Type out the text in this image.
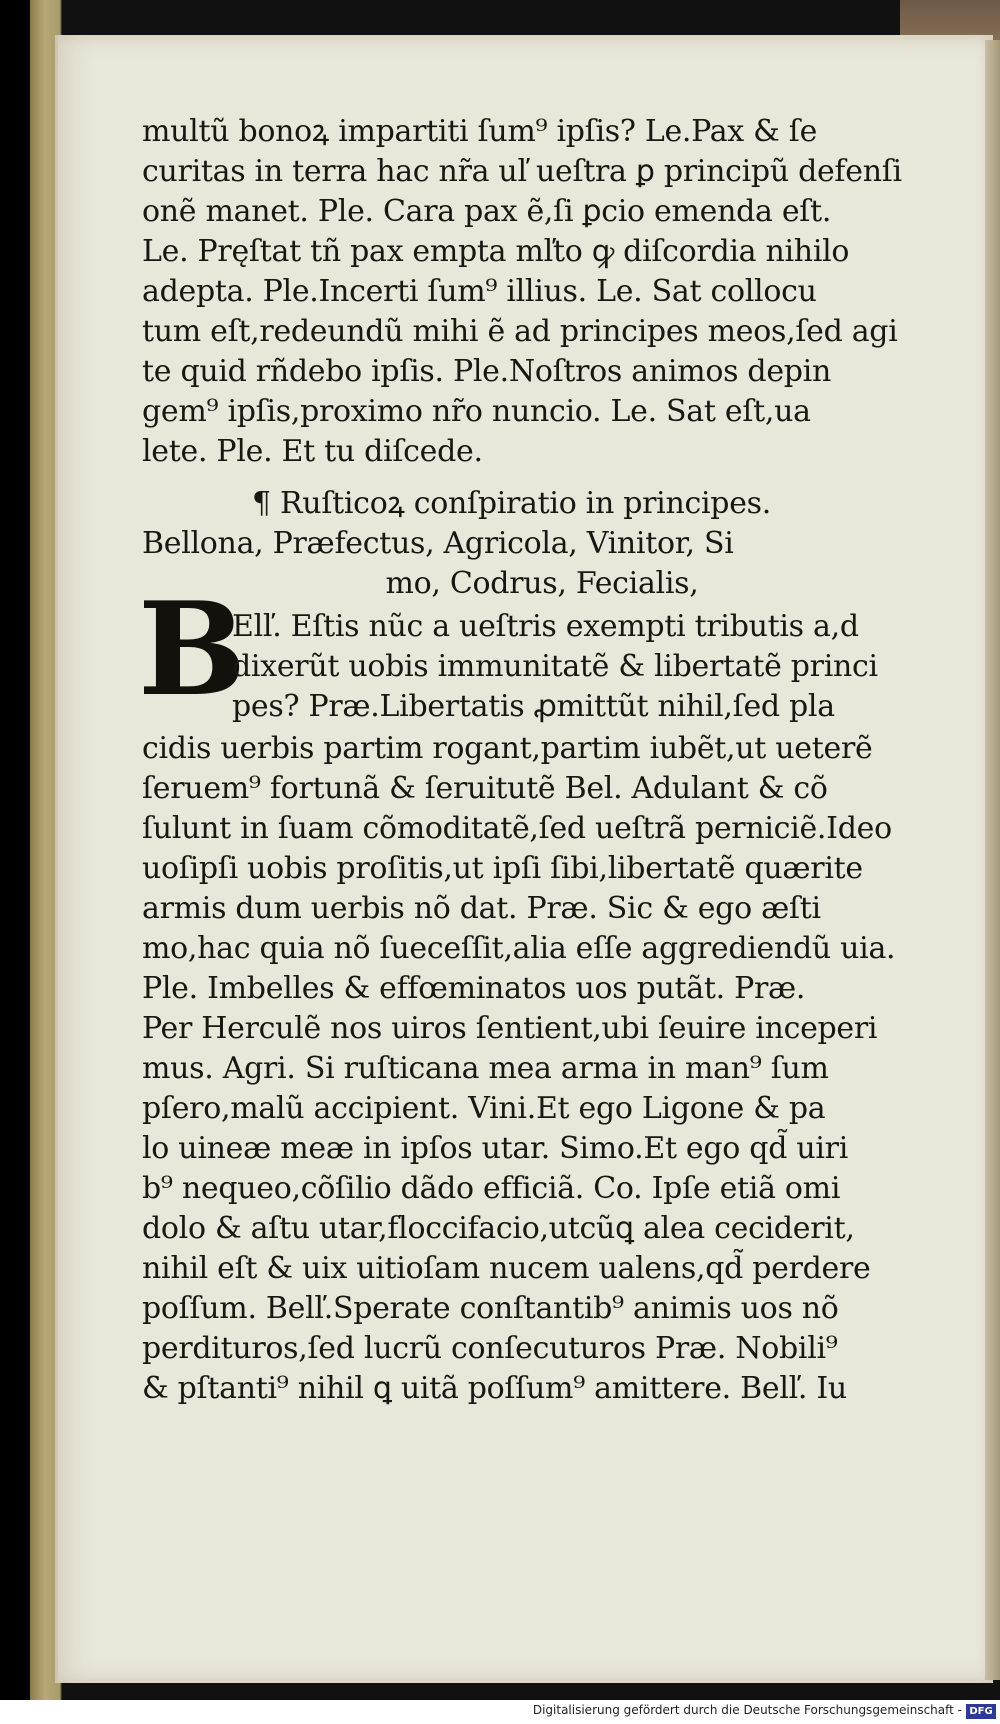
B
multũ bonoꝝ impartiti ſum⁹ ipſis? Le.Pax & ſe
curitas in terra hac nr̃a uľ ueſtra ꝑ principũ defenſi
onẽ manet. Ple. Cara pax ẽ,ſi ꝑcio emenda eſt.
Le. Pręſtat tñ pax empta mľto ꝙ diſcordia nihilo
adepta. Ple.Incerti ſum⁹ illius. Le. Sat collocu
tum eſt,redeundũ mihi ẽ ad principes meos,ſed agi
te quid rñdebo ipſis. Ple.Noſtros animos depin
gem⁹ ipſis,proximo nr̃o nuncio. Le. Sat eſt,ua
lete. Ple. Et tu diſcede.
¶ Ruſticoꝝ conſpiratio in principes.
Bellona, Præfectus, Agricola, Vinitor, Si
mo, Codrus, Fecialis,
Elľ. Eſtis nũc a ueſtris exempti tributis a,d
dixerũt uobis immunitatẽ & libertatẽ princi
pes? Præ.Libertatis ꝓmittũt nihil,ſed pla
cidis uerbis partim rogant,partim iubẽt,ut ueterẽ
ſeruem⁹ fortunã & ſeruitutẽ Bel. Adulant & cõ
ſulunt in ſuam cõmoditatẽ,ſed ueſtrã perniciẽ.Ideo
uoſipſi uobis proſitis,ut ipſi ſibi,libertatẽ quærite
armis dum uerbis nõ dat. Præ. Sic & ego æſti
mo,hac quia nõ ſueceſſit,alia eſſe aggrediendũ uia.
Ple. Imbelles & effœminatos uos putãt. Præ.
Per Herculẽ nos uiros ſentient,ubi ſeuire inceperi
mus. Agri. Si ruſticana mea arma in man⁹ ſum
pſero,malũ accipient. Vini.Et ego Ligone & pa
lo uineæ meæ in ipſos utar. Simo.Et ego qd̃ uiri
b⁹ nequeo,cõſilio dãdo efficiã. Co. Ipſe etiã omi
dolo & aſtu utar,floccifacio,utcũꝗ alea ceciderit,
nihil eſt & uix uitioſam nucem ualens,qd̃ perdere
poſſum. Belľ.Sperate conſtantib⁹ animis uos nõ
perdituros,ſed lucrũ conſecuturos Præ. Nobili⁹
& pſtanti⁹ nihil ꝗ uitã poſſum⁹ amittere. Belľ. Iu
Digitalisierung gefördert durch die Deutsche Forschungsgemeinschaft - DFG
